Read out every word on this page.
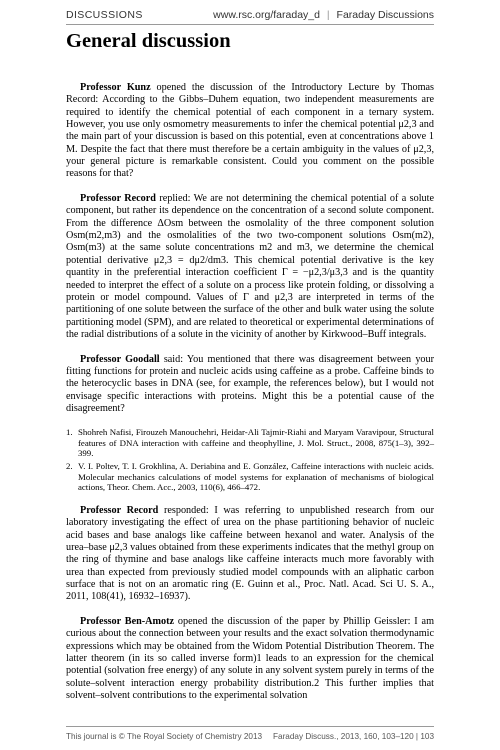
DISCUSSIONS	www.rsc.org/faraday_d | Faraday Discussions
General discussion

Professor Kunz opened the discussion of the Introductory Lecture by Thomas Record: According to the Gibbs–Duhem equation, two independent measurements are required to identify the chemical potential of each component in a ternary system. However, you use only osmometry measurements to infer the chemical potential μ2,3 and the main part of your discussion is based on this potential, even at concentrations above 1 M. Despite the fact that there must therefore be a certain ambiguity in the values of μ2,3, your general picture is remarkable consistent. Could you comment on the possible reasons for that?

Professor Record replied: We are not determining the chemical potential of a solute component, but rather its dependence on the concentration of a second solute component. From the difference ΔOsm between the osmolality of the three component solution Osm(m2,m3) and the osmolalities of the two two-component solutions Osm(m2), Osm(m3) at the same solute concentrations m2 and m3, we determine the chemical potential derivative μ2,3 = dμ2/dm3. This chemical potential derivative is the key quantity in the preferential interaction coefficient Γ = −μ2,3/μ3,3 and is the quantity needed to interpret the effect of a solute on a process like protein folding, or dissolving a protein or model compound. Values of Γ and μ2,3 are interpreted in terms of the partitioning of one solute between the surface of the other and bulk water using the solute partitioning model (SPM), and are related to theoretical or experimental determinations of the radial distributions of a solute in the vicinity of another by Kirkwood–Buff integrals.

Professor Goodall said: You mentioned that there was disagreement between your fitting functions for protein and nucleic acids using caffeine as a probe. Caffeine binds to the heterocyclic bases in DNA (see, for example, the references below), but I would not envisage specific interactions with proteins. Might this be a potential cause of the disagreement?

1. Shohreh Nafisi, Firouzeh Manouchehri, Heidar-Ali Tajmir-Riahi and Maryam Varavipour, Structural features of DNA interaction with caffeine and theophylline, J. Mol. Struct., 2008, 875(1–3), 392–399.
2. V. I. Poltev, T. I. Grokhlina, A. Deriabina and E. González, Caffeine interactions with nucleic acids. Molecular mechanics calculations of model systems for explanation of mechanisms of biological actions, Theor. Chem. Acc., 2003, 110(6), 466–472.

Professor Record responded: I was referring to unpublished research from our laboratory investigating the effect of urea on the phase partitioning behavior of nucleic acid bases and base analogs like caffeine between hexanol and water. Analysis of the urea–base μ2,3 values obtained from these experiments indicates that the methyl group on the ring of thymine and base analogs like caffeine interacts much more favorably with urea than expected from previously studied model compounds with an aliphatic carbon surface that is not on an aromatic ring (E. Guinn et al., Proc. Natl. Acad. Sci U. S. A., 2011, 108(41), 16932–16937).

Professor Ben-Amotz opened the discussion of the paper by Phillip Geissler: I am curious about the connection between your results and the exact solvation thermodynamic expressions which may be obtained from the Widom Potential Distribution Theorem. The latter theorem (in its so called inverse form)1 leads to an expression for the chemical potential (solvation free energy) of any solute in any solvent system purely in terms of the solute–solvent interaction energy probability distribution.2 This further implies that solvent–solvent contributions to the experimental solvation

This journal is © The Royal Society of Chemistry 2013 Faraday Discuss., 2013, 160, 103–120 | 103
